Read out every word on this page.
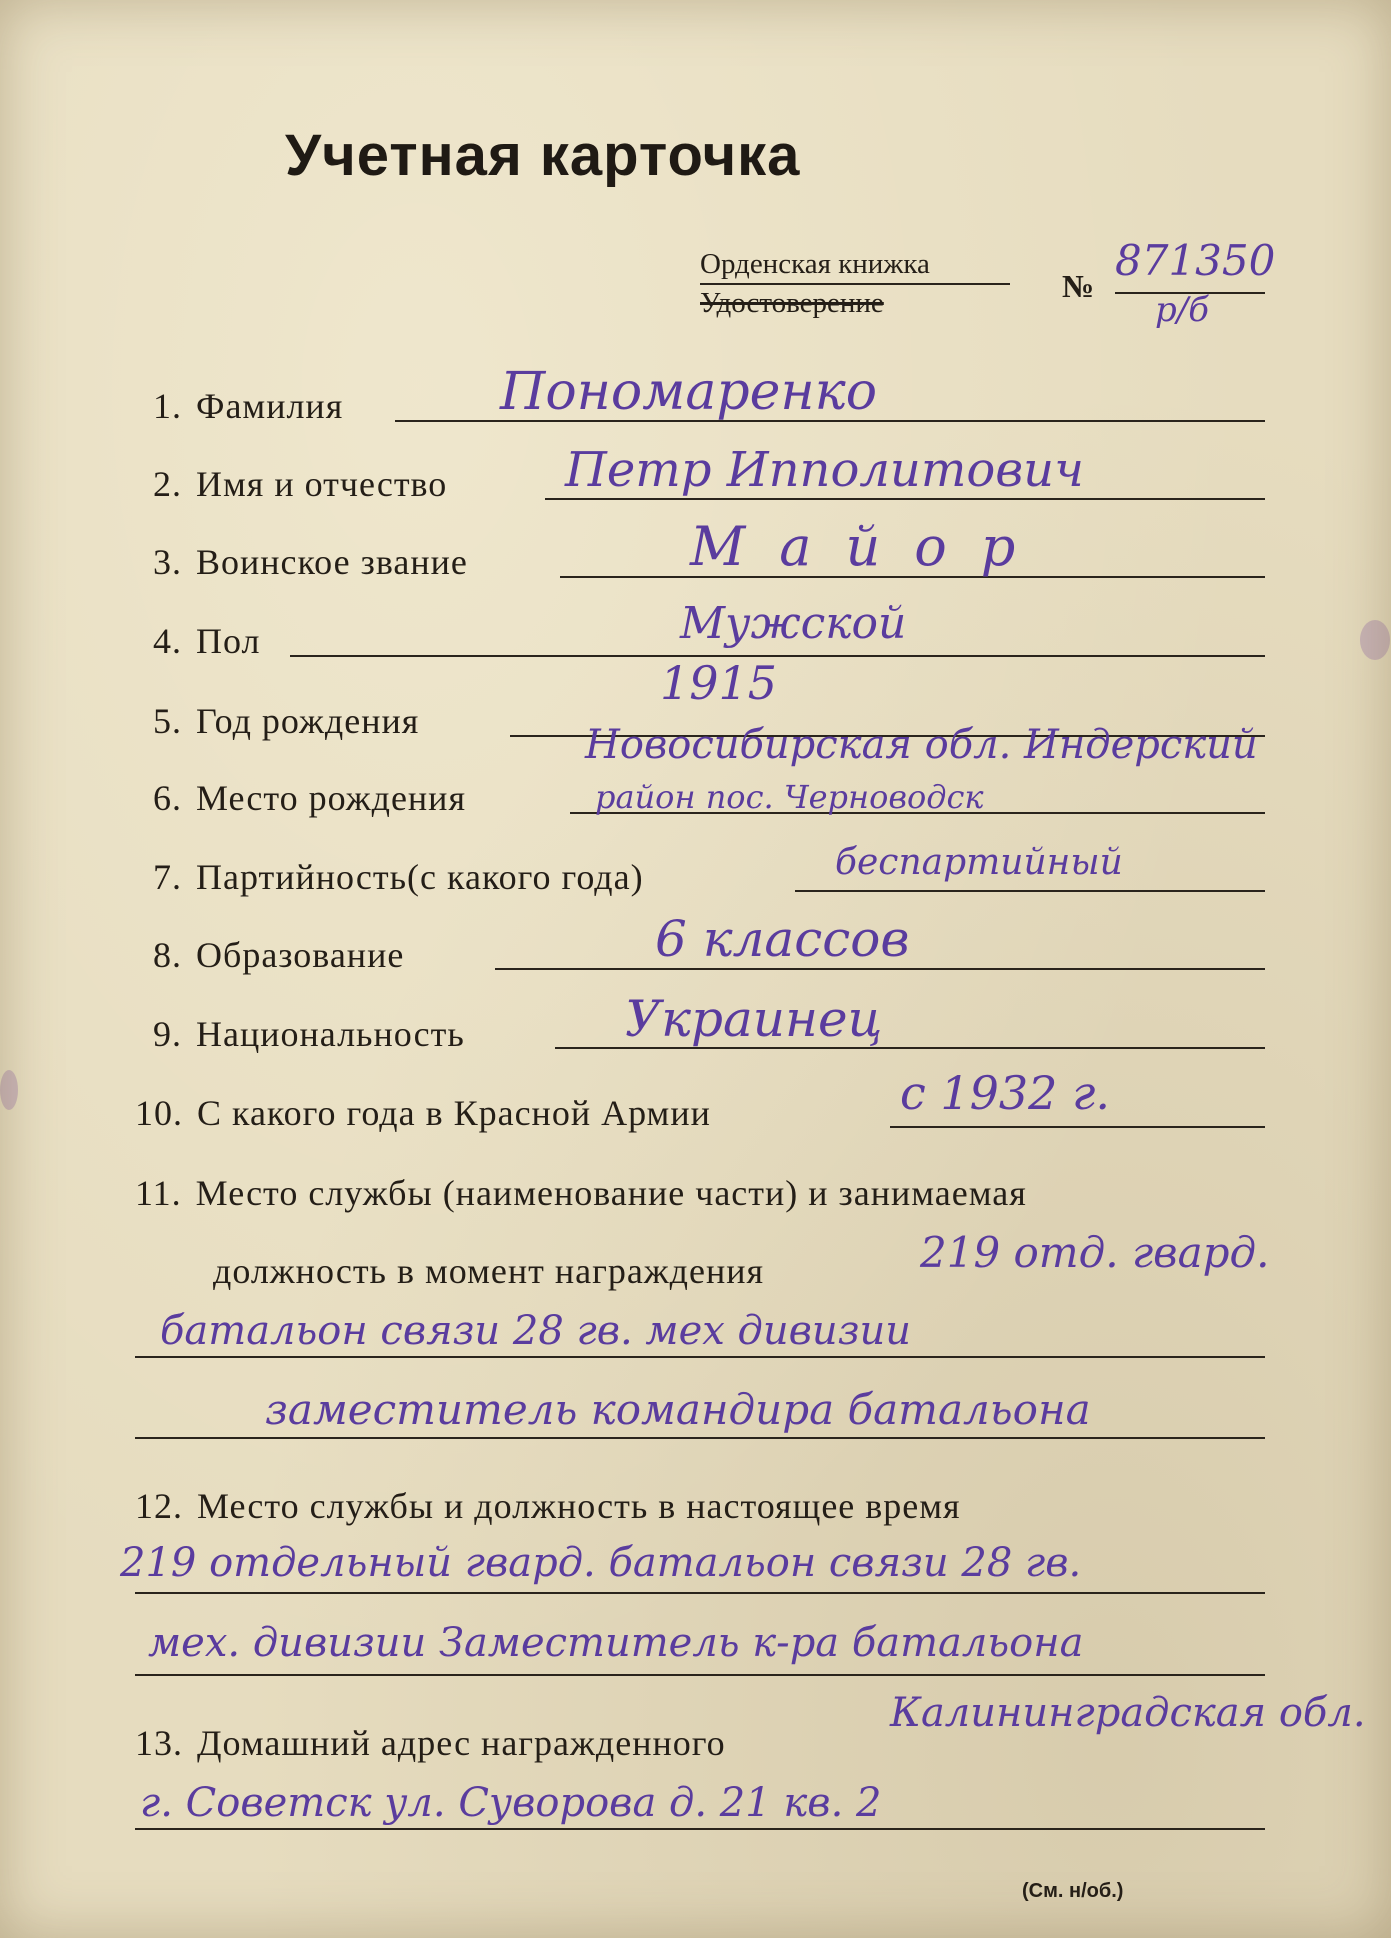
Учетная карточка
Орденская книжка
Удостоверение	№
871350
р/б
1. Фамилия	Пономаренко
2. Имя и отчество Петр Ипполитович
3. Воинское звание	Майор
4. Пол	Мужской
5. Год рождения
1915
6. Место рождения
Новосибирская обл. Индерский
район пос. Черноводск
7. Партийность(с какого года)	беспартийный
8. Образование	6 классов
9. Национальность	Украинец
10. С какого года в Красной Армии	с 1932 г.
11. Место службы (наименование части) и занимаемая
должность в момент награждения	219 отд. гвард.
батальон связи 28 гв. мех дивизии
заместитель командира батальона
12. Место службы и должность в настоящее время
219 отдельный гвард. батальон связи 28 гв.
мех. дивизии Заместитель к-ра батальона
13. Домашний адрес награжденного
Калининградская обл.
г. Советск ул. Суворова д. 21 кв. 2
(См. н/об.)
